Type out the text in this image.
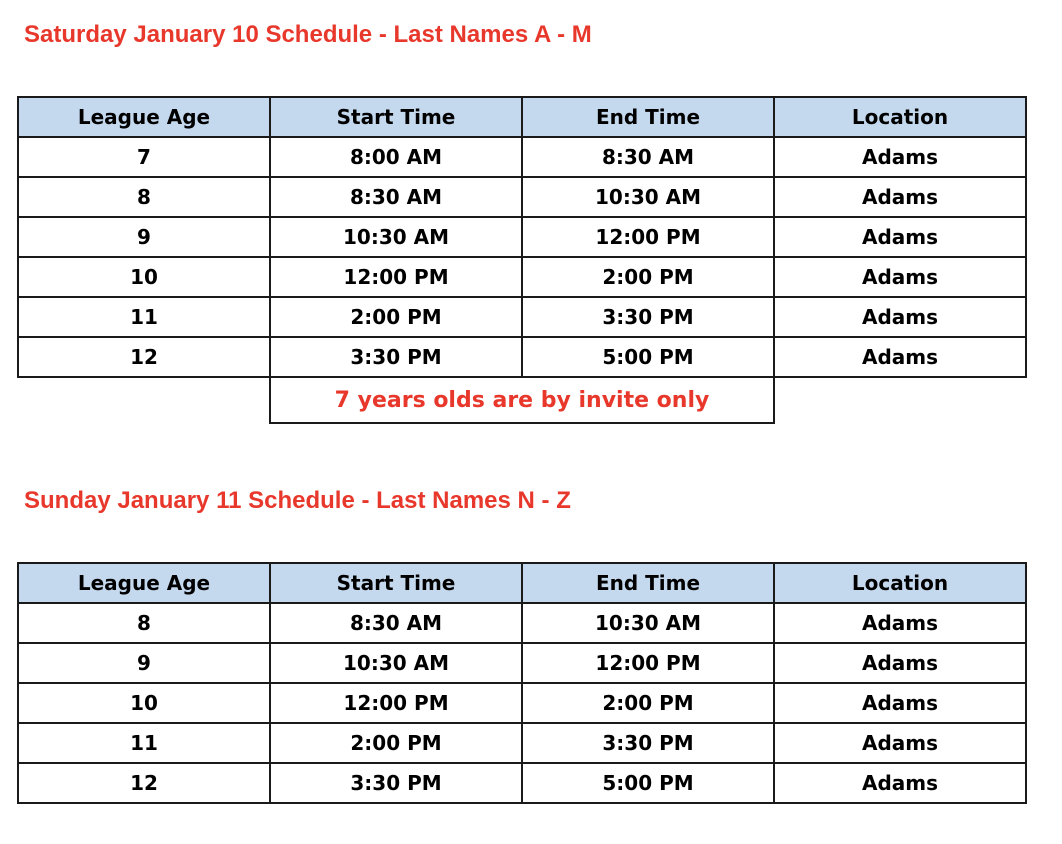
Saturday January 10 Schedule - Last Names A - M
League Age	Start Time	End Time	Location
7	8:00 AM	8:30 AM	Adams
8	8:30 AM	10:30 AM	Adams
9	10:30 AM	12:00 PM	Adams
10	12:00 PM	2:00 PM	Adams
11	2:00 PM	3:30 PM	Adams
12	3:30 PM	5:00 PM	Adams
	7 years olds are by invite only		
Sunday January 11 Schedule - Last Names N - Z
League Age	Start Time	End Time	Location
8	8:30 AM	10:30 AM	Adams
9	10:30 AM	12:00 PM	Adams
10	12:00 PM	2:00 PM	Adams
11	2:00 PM	3:30 PM	Adams
12	3:30 PM	5:00 PM	Adams
